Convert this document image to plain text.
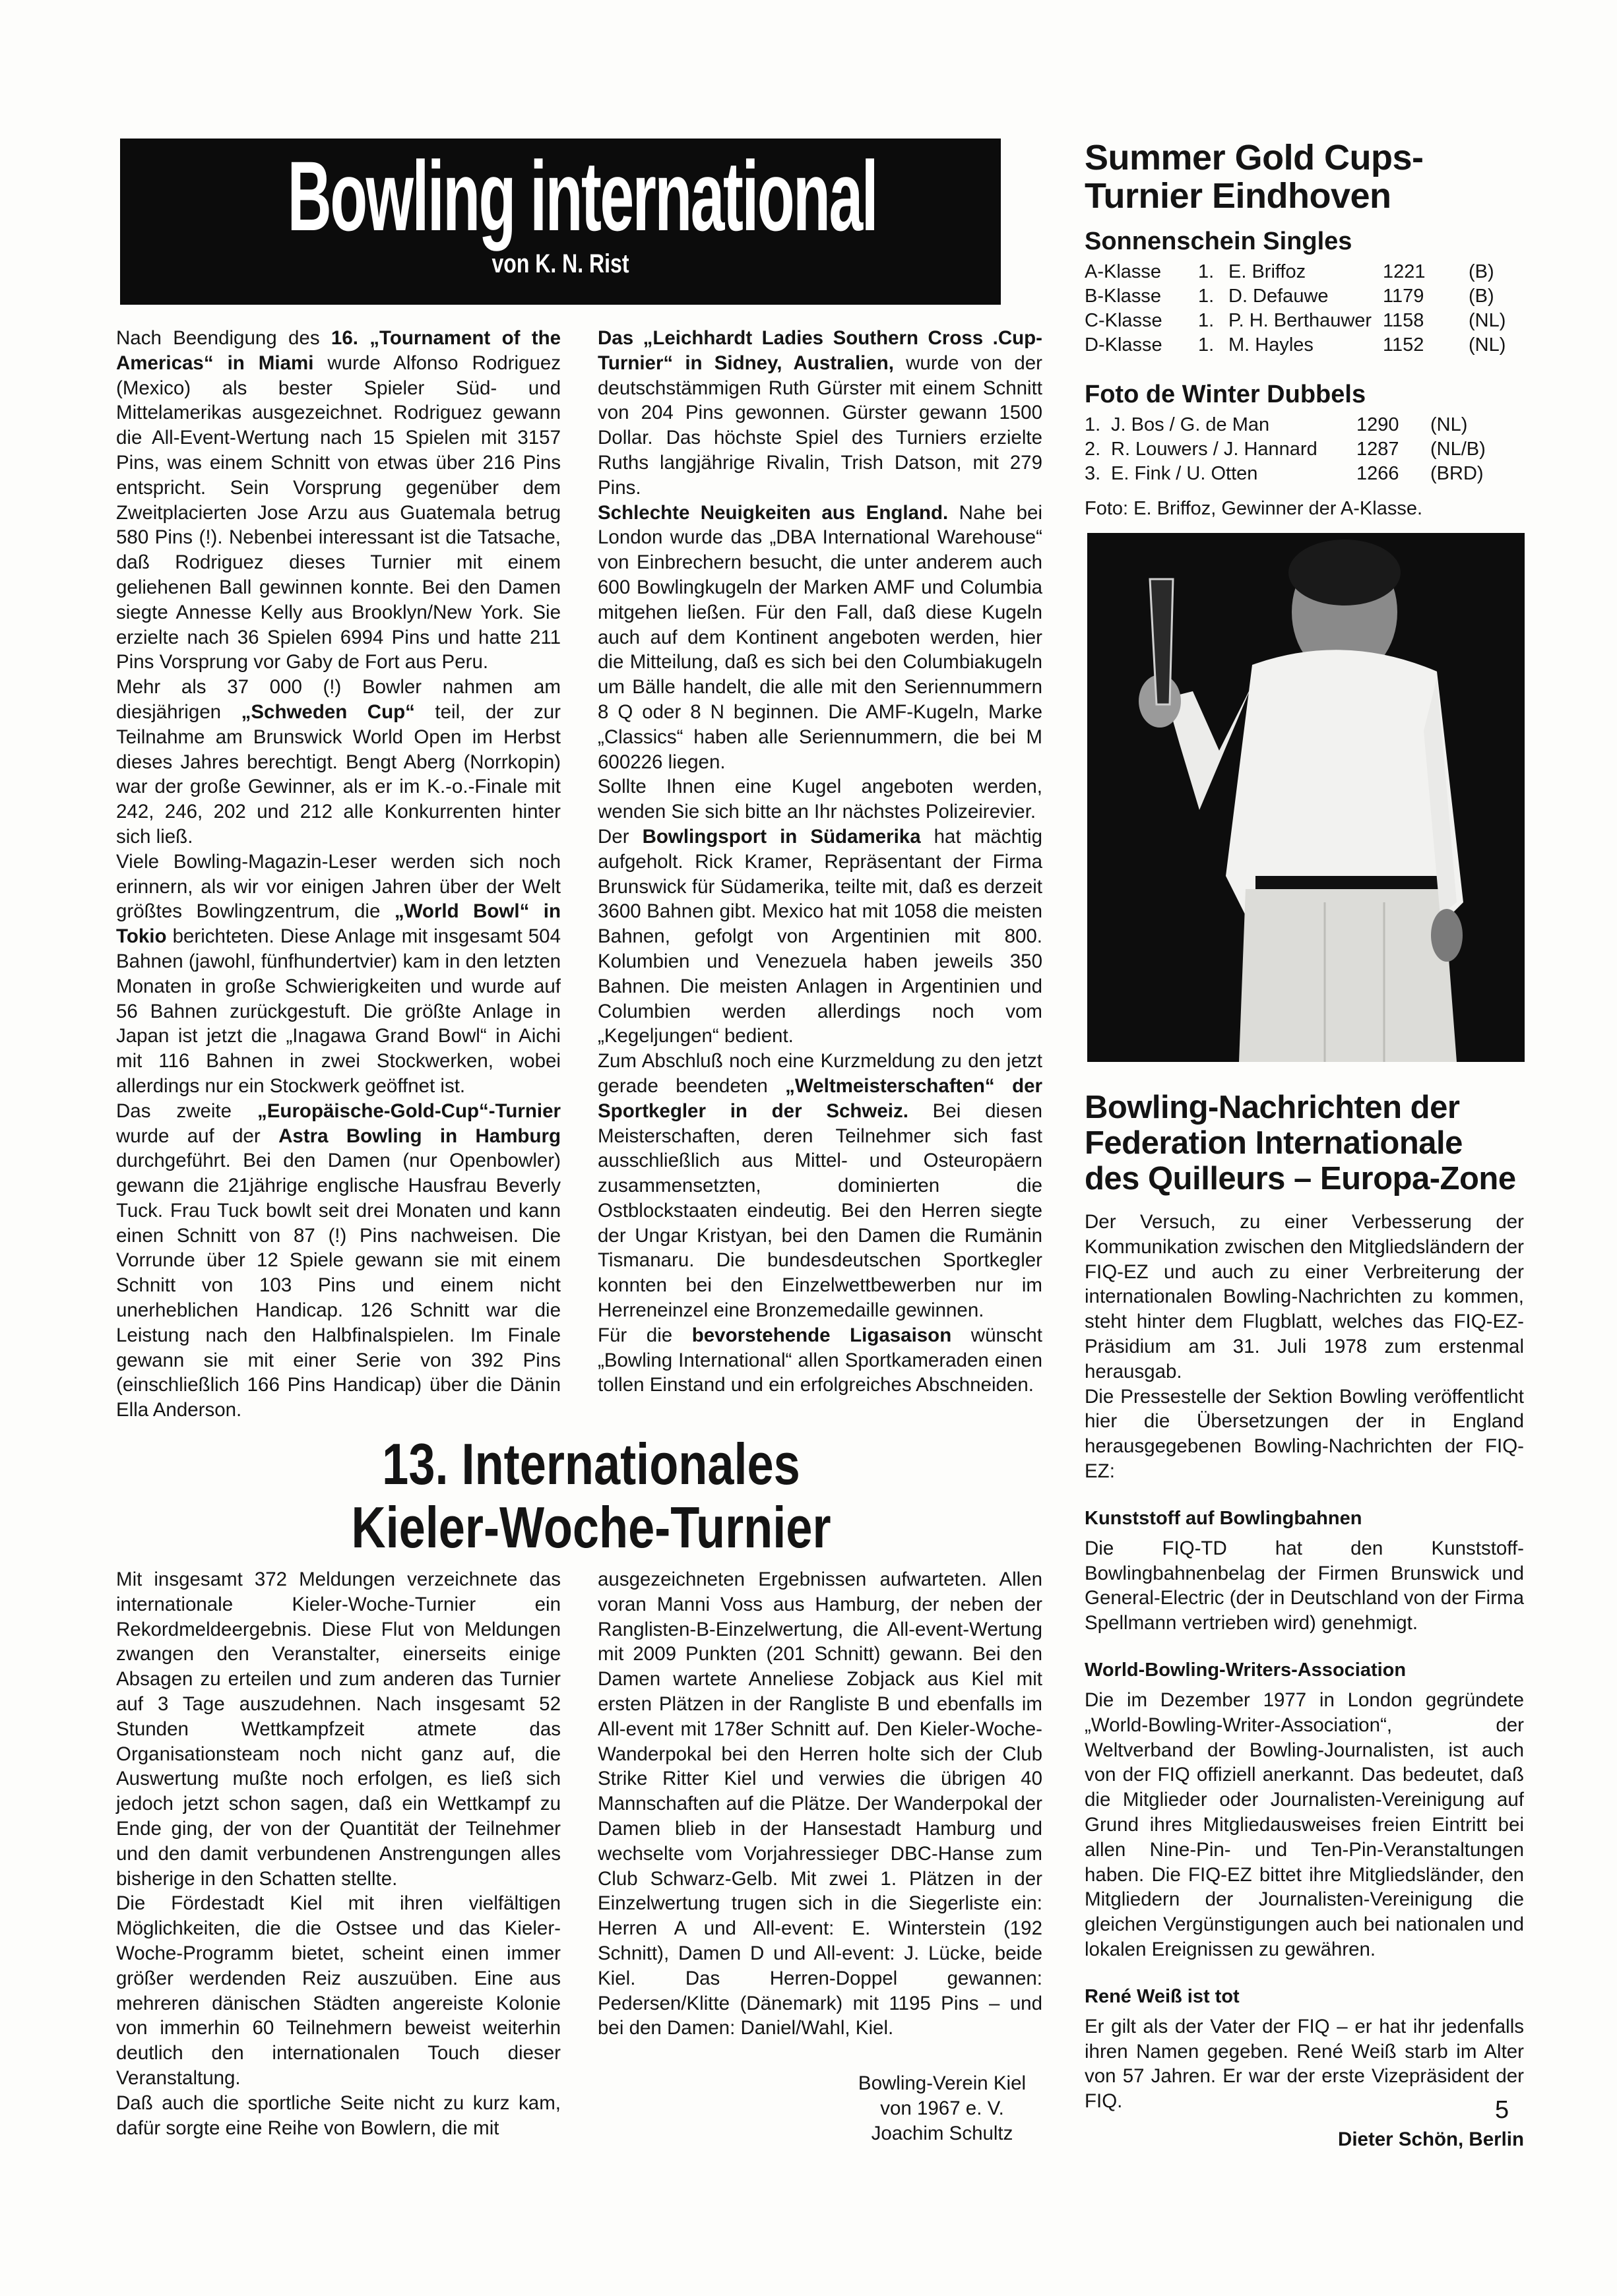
Bowling international
von K. N. Rist

Nach Beendigung des 16. „Tournament of the Americas“ in Miami wurde Alfonso Rodriguez (Mexico) als bester Spieler Süd- und Mittelamerikas ausgezeichnet. Rodriguez gewann die All-Event-Wertung nach 15 Spielen mit 3157 Pins, was einem Schnitt von etwas über 216 Pins entspricht. Sein Vorsprung gegenüber dem Zweitplacierten Jose Arzu aus Guatemala betrug 580 Pins (!). Nebenbei interessant ist die Tatsache, daß Rodriguez dieses Turnier mit einem geliehenen Ball gewinnen konnte. Bei den Damen siegte Annesse Kelly aus Brooklyn/New York. Sie erzielte nach 36 Spielen 6994 Pins und hatte 211 Pins Vorsprung vor Gaby de Fort aus Peru.

Mehr als 37 000 (!) Bowler nahmen am diesjährigen „Schweden Cup“ teil, der zur Teilnahme am Brunswick World Open im Herbst dieses Jahres berechtigt. Bengt Aberg (Norrkopin) war der große Gewinner, als er im K.-o.-Finale mit 242, 246, 202 und 212 alle Konkurrenten hinter sich ließ.

Viele Bowling-Magazin-Leser werden sich noch erinnern, als wir vor einigen Jahren über der Welt größtes Bowlingzentrum, die „World Bowl“ in Tokio berichteten. Diese Anlage mit insgesamt 504 Bahnen (jawohl, fünfhundertvier) kam in den letzten Monaten in große Schwierigkeiten und wurde auf 56 Bahnen zurückgestuft. Die größte Anlage in Japan ist jetzt die „Inagawa Grand Bowl“ in Aichi mit 116 Bahnen in zwei Stockwerken, wobei allerdings nur ein Stockwerk geöffnet ist.

Das zweite „Europäische-Gold-Cup“-Turnier wurde auf der Astra Bowling in Hamburg durchgeführt. Bei den Damen (nur Openbowler) gewann die 21jährige englische Hausfrau Beverly Tuck. Frau Tuck bowlt seit drei Monaten und kann einen Schnitt von 87 (!) Pins nachweisen. Die Vorrunde über 12 Spiele gewann sie mit einem Schnitt von 103 Pins und einem nicht unerheblichen Handicap. 126 Schnitt war die Leistung nach den Halbfinalspielen. Im Finale gewann sie mit einer Serie von 392 Pins (einschließlich 166 Pins Handicap) über die Dänin Ella Anderson.

Das „Leichhardt Ladies Southern Cross .Cup-Turnier“ in Sidney, Australien, wurde von der deutschstämmigen Ruth Gürster mit einem Schnitt von 204 Pins gewonnen. Gürster gewann 1500 Dollar. Das höchste Spiel des Turniers erzielte Ruths langjährige Rivalin, Trish Datson, mit 279 Pins.

Schlechte Neuigkeiten aus England. Nahe bei London wurde das „DBA International Warehouse“ von Einbrechern besucht, die unter anderem auch 600 Bowlingkugeln der Marken AMF und Columbia mitgehen ließen. Für den Fall, daß diese Kugeln auch auf dem Kontinent angeboten werden, hier die Mitteilung, daß es sich bei den Columbiakugeln um Bälle handelt, die alle mit den Seriennummern 8 Q oder 8 N beginnen. Die AMF-Kugeln, Marke „Classics“ haben alle Seriennummern, die bei M 600226 liegen.

Sollte Ihnen eine Kugel angeboten werden, wenden Sie sich bitte an Ihr nächstes Polizeirevier.

Der Bowlingsport in Südamerika hat mächtig aufgeholt. Rick Kramer, Repräsentant der Firma Brunswick für Südamerika, teilte mit, daß es derzeit 3600 Bahnen gibt. Mexico hat mit 1058 die meisten Bahnen, gefolgt von Argentinien mit 800. Kolumbien und Venezuela haben jeweils 350 Bahnen. Die meisten Anlagen in Argentinien und Columbien werden allerdings noch vom „Kegeljungen“ bedient.

Zum Abschluß noch eine Kurzmeldung zu den jetzt gerade beendeten „Weltmeisterschaften“ der Sportkegler in der Schweiz. Bei diesen Meisterschaften, deren Teilnehmer sich fast ausschließlich aus Mittel- und Osteuropäern zusammensetzten, dominierten die Ostblockstaaten eindeutig. Bei den Herren siegte der Ungar Kristyan, bei den Damen die Rumänin Tismanaru. Die bundesdeutschen Sportkegler konnten bei den Einzelwettbewerben nur im Herreneinzel eine Bronzemedaille gewinnen.

Für die bevorstehende Ligasaison wünscht „Bowling International“ allen Sportkameraden einen tollen Einstand und ein erfolgreiches Abschneiden.

Summer Gold Cups-Turnier Eindhoven
Sonnenschein Singles
A-Klasse	1.	E. Briffoz	1221	(B)
B-Klasse	1.	D. Defauwe	1179	(B)
C-Klasse	1.	P. H. Berthauwer	1158	(NL)
D-Klasse	1.	M. Hayles	1152	(NL)
Foto de Winter Dubbels
1.	J. Bos / G. de Man	1290	(NL)
2.	R. Louwers / J. Hannard	1287	(NL/B)
3.	E. Fink / U. Otten	1266	(BRD)
Foto: E. Briffoz, Gewinner der A-Klasse.
Bowling-Nachrichten der Federation Internationale des Quilleurs – Europa-Zone

Der Versuch, zu einer Verbesserung der Kommunikation zwischen den Mitgliedsländern der FIQ-EZ und auch zu einer Verbreiterung der internationalen Bowling-Nachrichten zu kommen, steht hinter dem Flugblatt, welches das FIQ-EZ-Präsidium am 31. Juli 1978 zum erstenmal herausgab.

Die Pressestelle der Sektion Bowling veröffentlicht hier die Übersetzungen der in England herausgegebenen Bowling-Nachrichten der FIQ-EZ:

Kunststoff auf Bowlingbahnen

Die FIQ-TD hat den Kunststoff-Bowlingbahnenbelag der Firmen Brunswick und General-Electric (der in Deutschland von der Firma Spellmann vertrieben wird) genehmigt.

World-Bowling-Writers-Association

Die im Dezember 1977 in London gegründete „World-Bowling-Writer-Association“, der Weltverband der Bowling-Journalisten, ist auch von der FIQ offiziell anerkannt. Das bedeutet, daß die Mitglieder oder Journalisten-Vereinigung auf Grund ihres Mitgliedausweises freien Eintritt bei allen Nine-Pin- und Ten-Pin-Veranstaltungen haben. Die FIQ-EZ bittet ihre Mitgliedsländer, den Mitgliedern der Journalisten-Vereinigung die gleichen Vergünstigungen auch bei nationalen und lokalen Ereignissen zu gewähren.

René Weiß ist tot

Er gilt als der Vater der FIQ – er hat ihr jedenfalls ihren Namen gegeben. René Weiß starb im Alter von 57 Jahren. Er war der erste Vizepräsident der FIQ.

Dieter Schön, Berlin

13. Internationales
Kieler-Woche-Turnier

Mit insgesamt 372 Meldungen verzeichnete das internationale Kieler-Woche-Turnier ein Rekordmeldeergebnis. Diese Flut von Meldungen zwangen den Veranstalter, einerseits einige Absagen zu erteilen und zum anderen das Turnier auf 3 Tage auszudehnen. Nach insgesamt 52 Stunden Wettkampfzeit atmete das Organisationsteam noch nicht ganz auf, die Auswertung mußte noch erfolgen, es ließ sich jedoch jetzt schon sagen, daß ein Wettkampf zu Ende ging, der von der Quantität der Teilnehmer und den damit verbundenen Anstrengungen alles bisherige in den Schatten stellte.

Die Fördestadt Kiel mit ihren vielfältigen Möglichkeiten, die die Ostsee und das Kieler-Woche-Programm bietet, scheint einen immer größer werdenden Reiz auszuüben. Eine aus mehreren dänischen Städten angereiste Kolonie von immerhin 60 Teilnehmern beweist weiterhin deutlich den internationalen Touch dieser Veranstaltung.

Daß auch die sportliche Seite nicht zu kurz kam, dafür sorgte eine Reihe von Bowlern, die mit

ausgezeichneten Ergebnissen aufwarteten. Allen voran Manni Voss aus Hamburg, der neben der Ranglisten-B-Einzelwertung, die All-event-Wertung mit 2009 Punkten (201 Schnitt) gewann. Bei den Damen wartete Anneliese Zobjack aus Kiel mit ersten Plätzen in der Rangliste B und ebenfalls im All-event mit 178er Schnitt auf. Den Kieler-Woche-Wanderpokal bei den Herren holte sich der Club Strike Ritter Kiel und verwies die übrigen 40 Mannschaften auf die Plätze. Der Wanderpokal der Damen blieb in der Hansestadt Hamburg und wechselte vom Vorjahressieger DBC-Hanse zum Club Schwarz-Gelb. Mit zwei 1. Plätzen in der Einzelwertung trugen sich in die Siegerliste ein: Herren A und All-event: E. Winterstein (192 Schnitt), Damen D und All-event: J. Lücke, beide Kiel. Das Herren-Doppel gewannen: Pedersen/Klitte (Dänemark) mit 1195 Pins – und bei den Damen: Daniel/Wahl, Kiel.

Bowling-Verein Kiel
von 1967 e. V.
Joachim Schultz
5
